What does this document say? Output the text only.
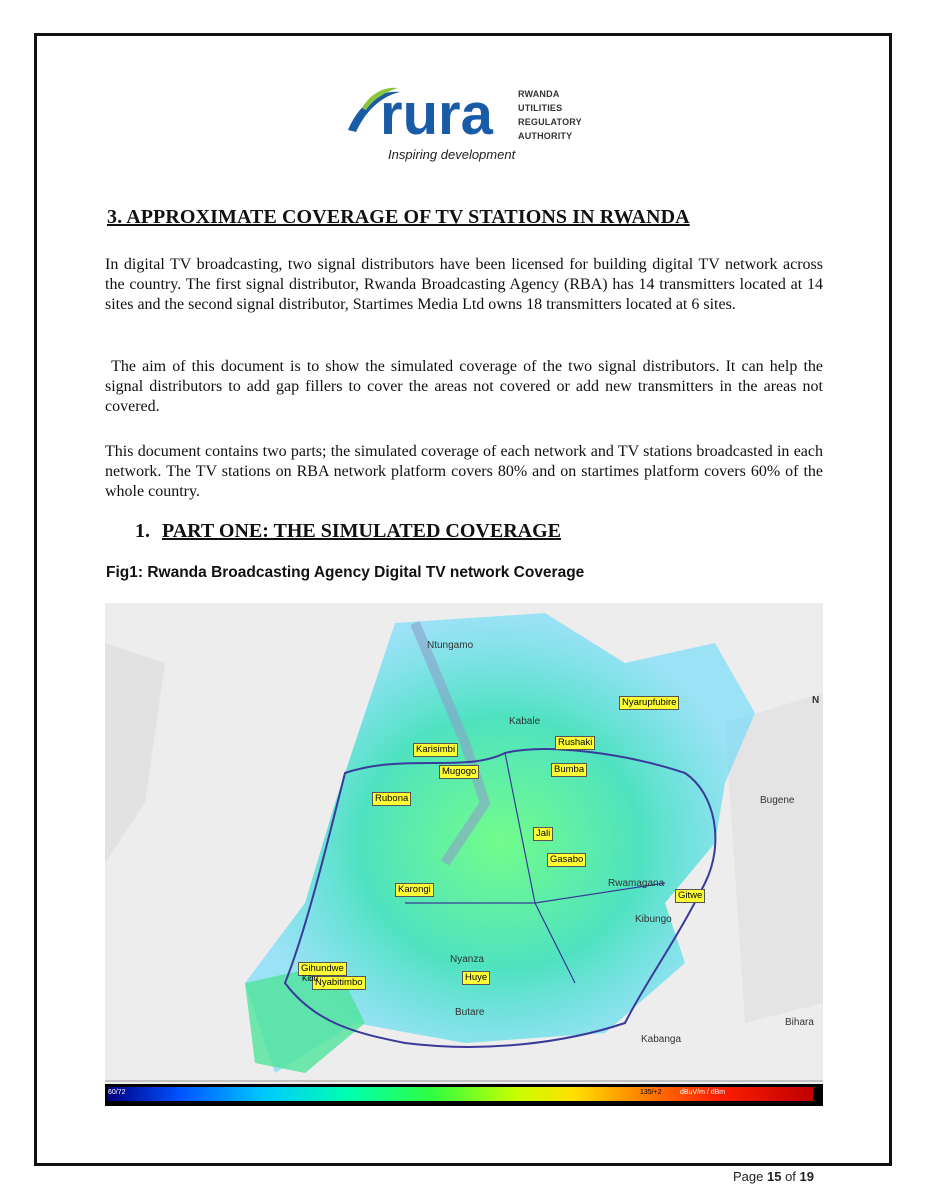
rura	RWANDA
UTILITIES
REGULATORY
AUTHORITY
Inspiring development
3. APPROXIMATE COVERAGE OF TV STATIONS IN RWANDA

In digital TV broadcasting, two signal distributors have been licensed for building digital TV network across the country. The first signal distributor, Rwanda Broadcasting Agency (RBA) has 14 transmitters located at 14 sites and the second signal distributor, Startimes Media Ltd owns 18 transmitters located at 6 sites.

The aim of this document is to show the simulated coverage of the two signal distributors. It can help the signal distributors to add gap fillers to cover the areas not covered or add new transmitters in the areas not covered.

This document contains two parts; the simulated coverage of each network and TV stations broadcasted in each network. The TV stations on RBA network platform covers 80% and on startimes platform covers 60% of the whole country.

1. PART ONE: THE SIMULATED COVERAGE
Fig1: Rwanda Broadcasting Agency Digital TV network Coverage
Nyarupfubire
Rushaki
Bumba
Karisimbi
Mugogo
Rubona
Jali
Gasabo
Karongi
Gitwe
Gihundwe
Nyabitimbo
Kibu	Huye
Ntungamo
Kabale
Bugene
Rwamagana
Kibungo
Nyanza
Butare
Kabanga
Bihara
N
60/72	135/+2	dBuV/m / dBm
Page 15 of 19
